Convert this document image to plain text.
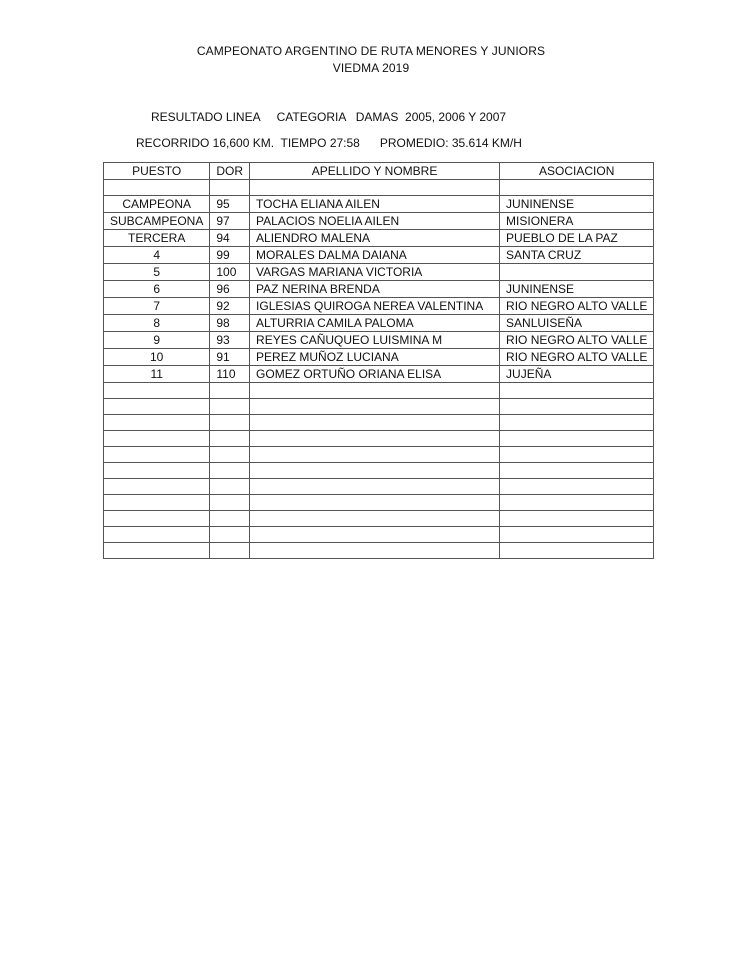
CAMPEONATO ARGENTINO DE RUTA MENORES Y JUNIORS
VIEDMA 2019
RESULTADO LINEA     CATEGORIA   DAMAS  2005, 2006 Y 2007
RECORRIDO 16,600 KM.  TIEMPO 27:58      PROMEDIO: 35.614 KM/H
PUESTO	DOR	APELLIDO Y NOMBRE	ASOCIACION

CAMPEONA	95	TOCHA ELIANA AILEN	JUNINENSE
SUBCAMPEONA	97	PALACIOS NOELIA AILEN	MISIONERA
TERCERA	94	ALIENDRO MALENA	PUEBLO DE LA PAZ
4	99	MORALES DALMA DAIANA	SANTA CRUZ
5	100	VARGAS MARIANA VICTORIA	
6	96	PAZ NERINA BRENDA	JUNINENSE
7	92	IGLESIAS QUIROGA NEREA VALENTINA	RIO NEGRO ALTO VALLE
8	98	ALTURRIA CAMILA PALOMA	SANLUISEÑA
9	93	REYES CAÑUQUEO LUISMINA M	RIO NEGRO ALTO VALLE
10	91	PEREZ MUÑOZ LUCIANA	RIO NEGRO ALTO VALLE
11	110	GOMEZ ORTUÑO ORIANA ELISA	JUJEÑA
